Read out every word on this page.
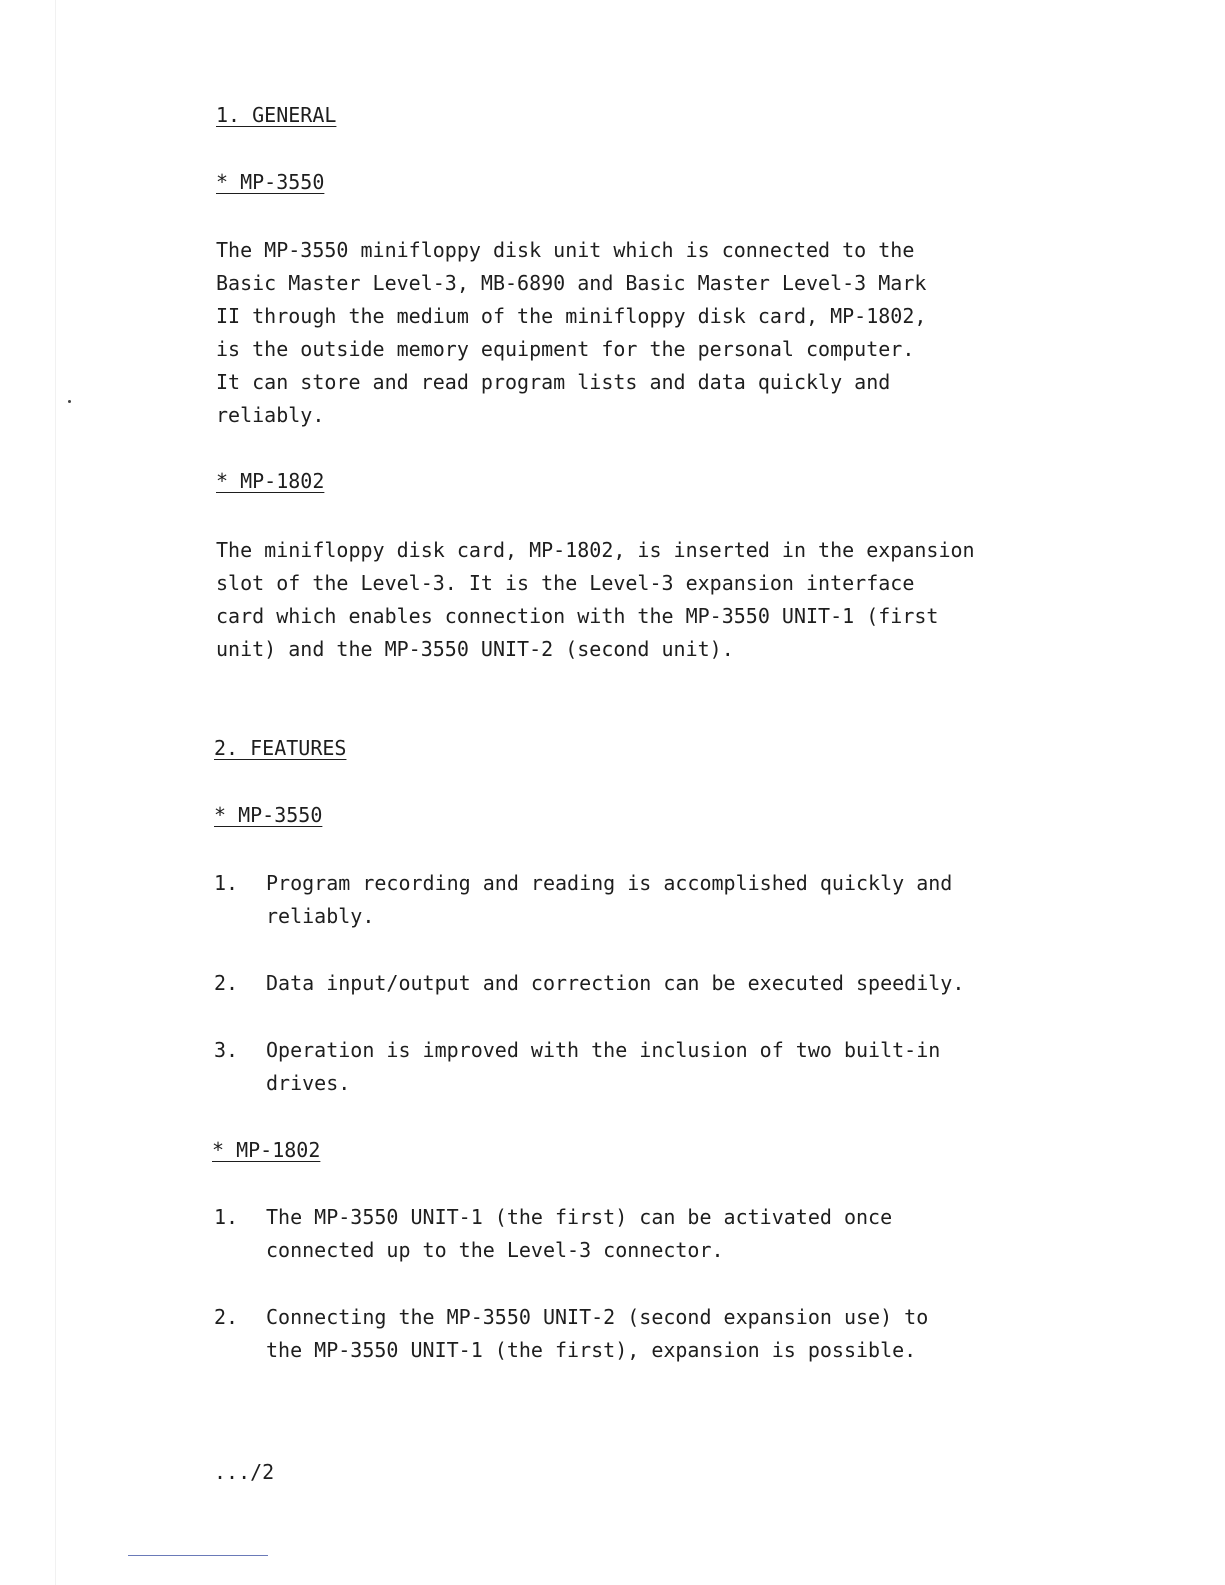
1. GENERAL

* MP-3550

The MP-3550 minifloppy disk unit which is connected to the

Basic Master Level-3, MB-6890 and Basic Master Level-3 Mark

II through the medium of the minifloppy disk card, MP-1802,

is the outside memory equipment for the personal computer.

It can store and read program lists and data quickly and

reliably.

* MP-1802

The minifloppy disk card, MP-1802, is inserted in the expansion

slot of the Level-3. It is the Level-3 expansion interface

card which enables connection with the MP-3550 UNIT-1 (first

unit) and the MP-3550 UNIT-2 (second unit).

2. FEATURES

* MP-3550

1. Program recording and reading is accomplished quickly and

reliably.

2. Data input/output and correction can be executed speedily.

3. Operation is improved with the inclusion of two built-in

drives.

* MP-1802

1. The MP-3550 UNIT-1 (the first) can be activated once

connected up to the Level-3 connector.

2. Connecting the MP-3550 UNIT-2 (second expansion use) to

the MP-3550 UNIT-1 (the first), expansion is possible.

.../2
